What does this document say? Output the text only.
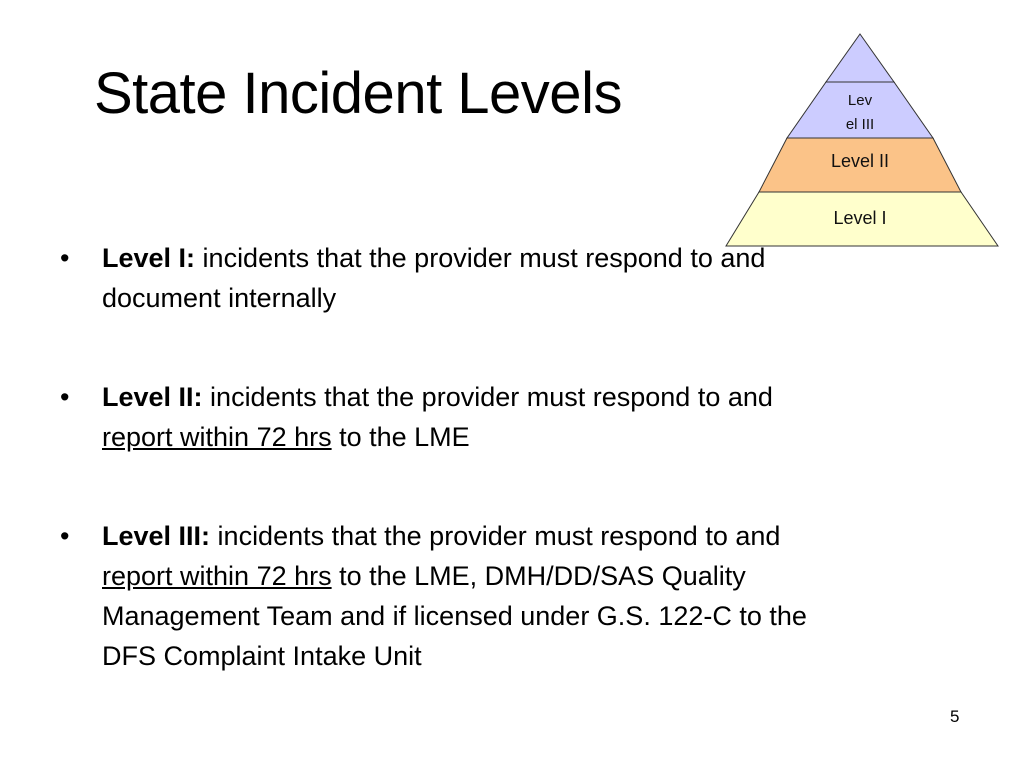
State Incident Levels	Lev
el III
Level II
Level I
• Level I: incidents that the provider must respond to and document internally
• Level II: incidents that the provider must respond to and report within 72 hrs to the LME
• Level III: incidents that the provider must respond to and report within 72 hrs to the LME, DMH/DD/SAS Quality Management Team and if licensed under G.S. 122-C to the DFS Complaint Intake Unit
5
